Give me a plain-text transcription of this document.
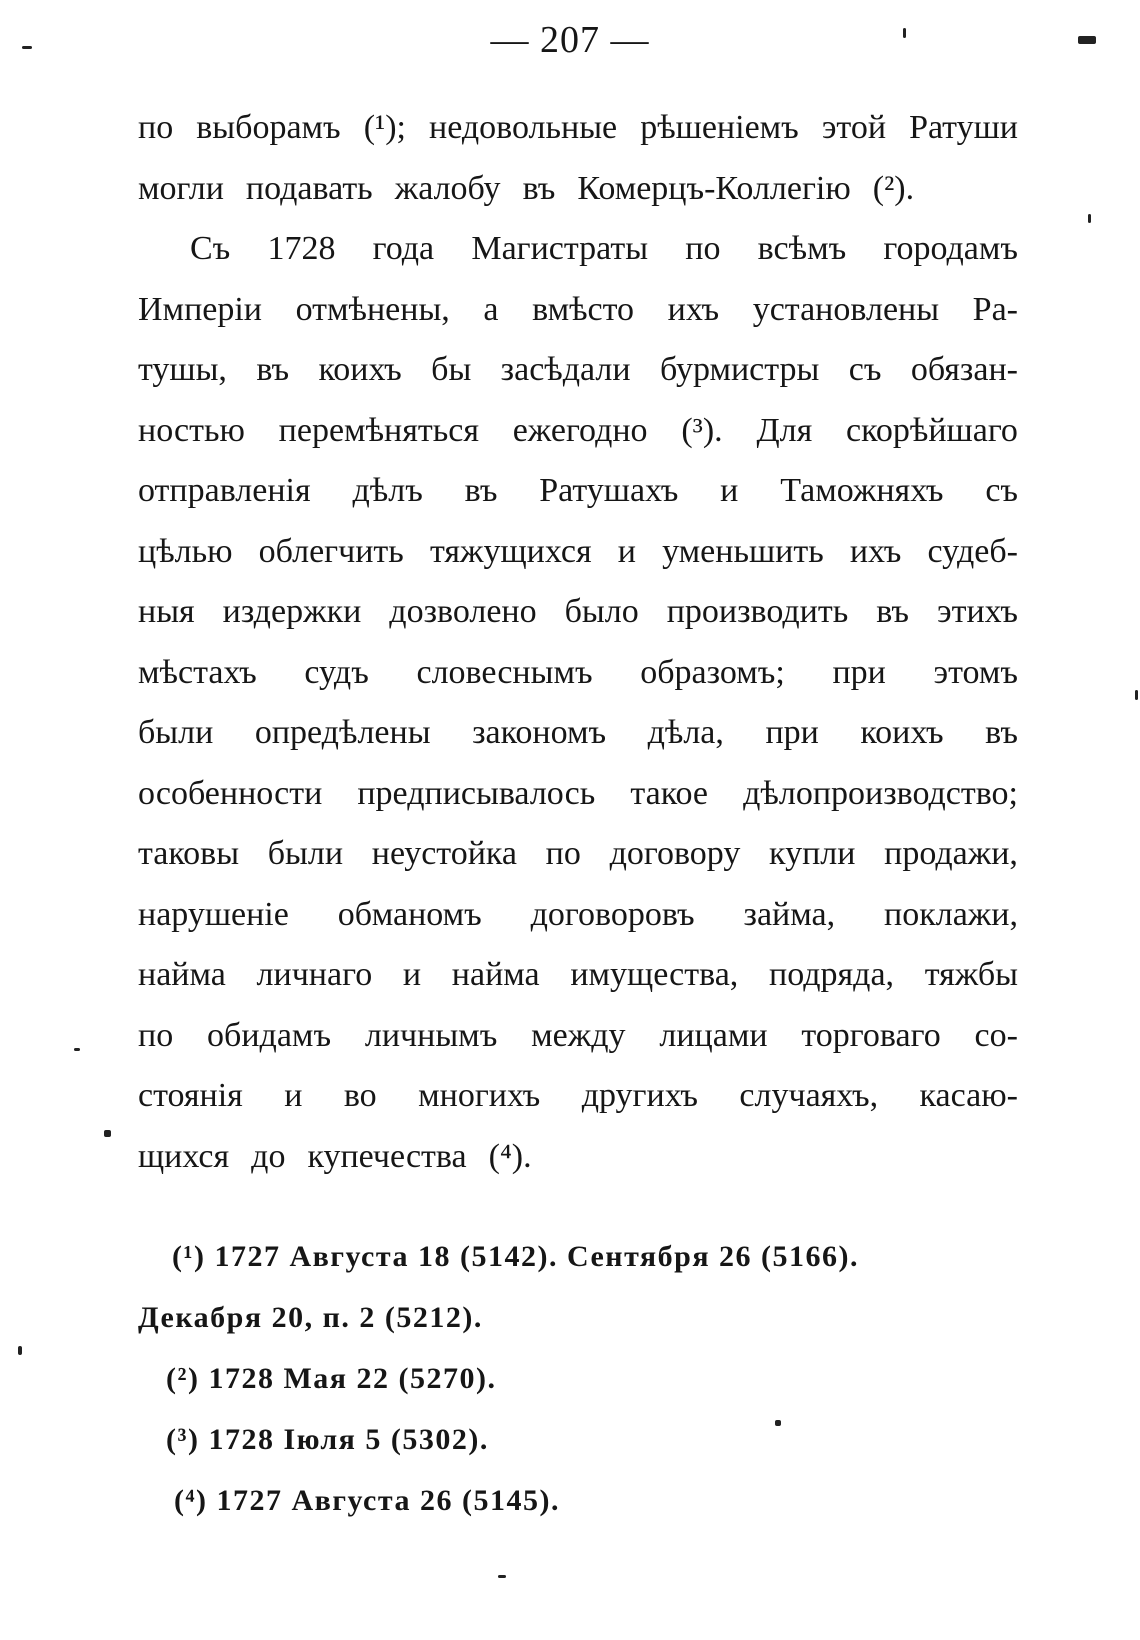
— 207 —
по выборамъ (¹); недовольные рѣшеніемъ этой Ратуши
могли подавать жалобу въ Комерцъ-Коллегію (²).
Съ 1728 года Магистраты по всѣмъ городамъ
Имперіи отмѣнены, а вмѣсто ихъ установлены Ра-
тушы, въ коихъ бы засѣдали бурмистры съ обязан-
ностью перемѣняться ежегодно (³). Для скорѣйшаго
отправленія дѣлъ въ Ратушахъ и Таможняхъ съ
цѣлью облегчить тяжущихся и уменьшить ихъ судеб-
ныя издержки дозволено было производить въ этихъ
мѣстахъ судъ словеснымъ образомъ; при этомъ
были опредѣлены закономъ дѣла, при коихъ въ
особенности предписывалось такое дѣлопроизводство;
таковы были неустойка по договору купли продажи,
нарушеніе обманомъ договоровъ займа, поклажи,
найма личнаго и найма имущества, подряда, тяжбы
по обидамъ личнымъ между лицами торговаго со-
стоянія и во многихъ другихъ случаяхъ, касаю-
щихся до купечества (⁴).
(¹) 1727 Августа 18 (5142). Сентября 26 (5166).
Декабря 20, п. 2 (5212).
(²) 1728 Мая 22 (5270).
(³) 1728 Іюля 5 (5302).
(⁴) 1727 Августа 26 (5145).
